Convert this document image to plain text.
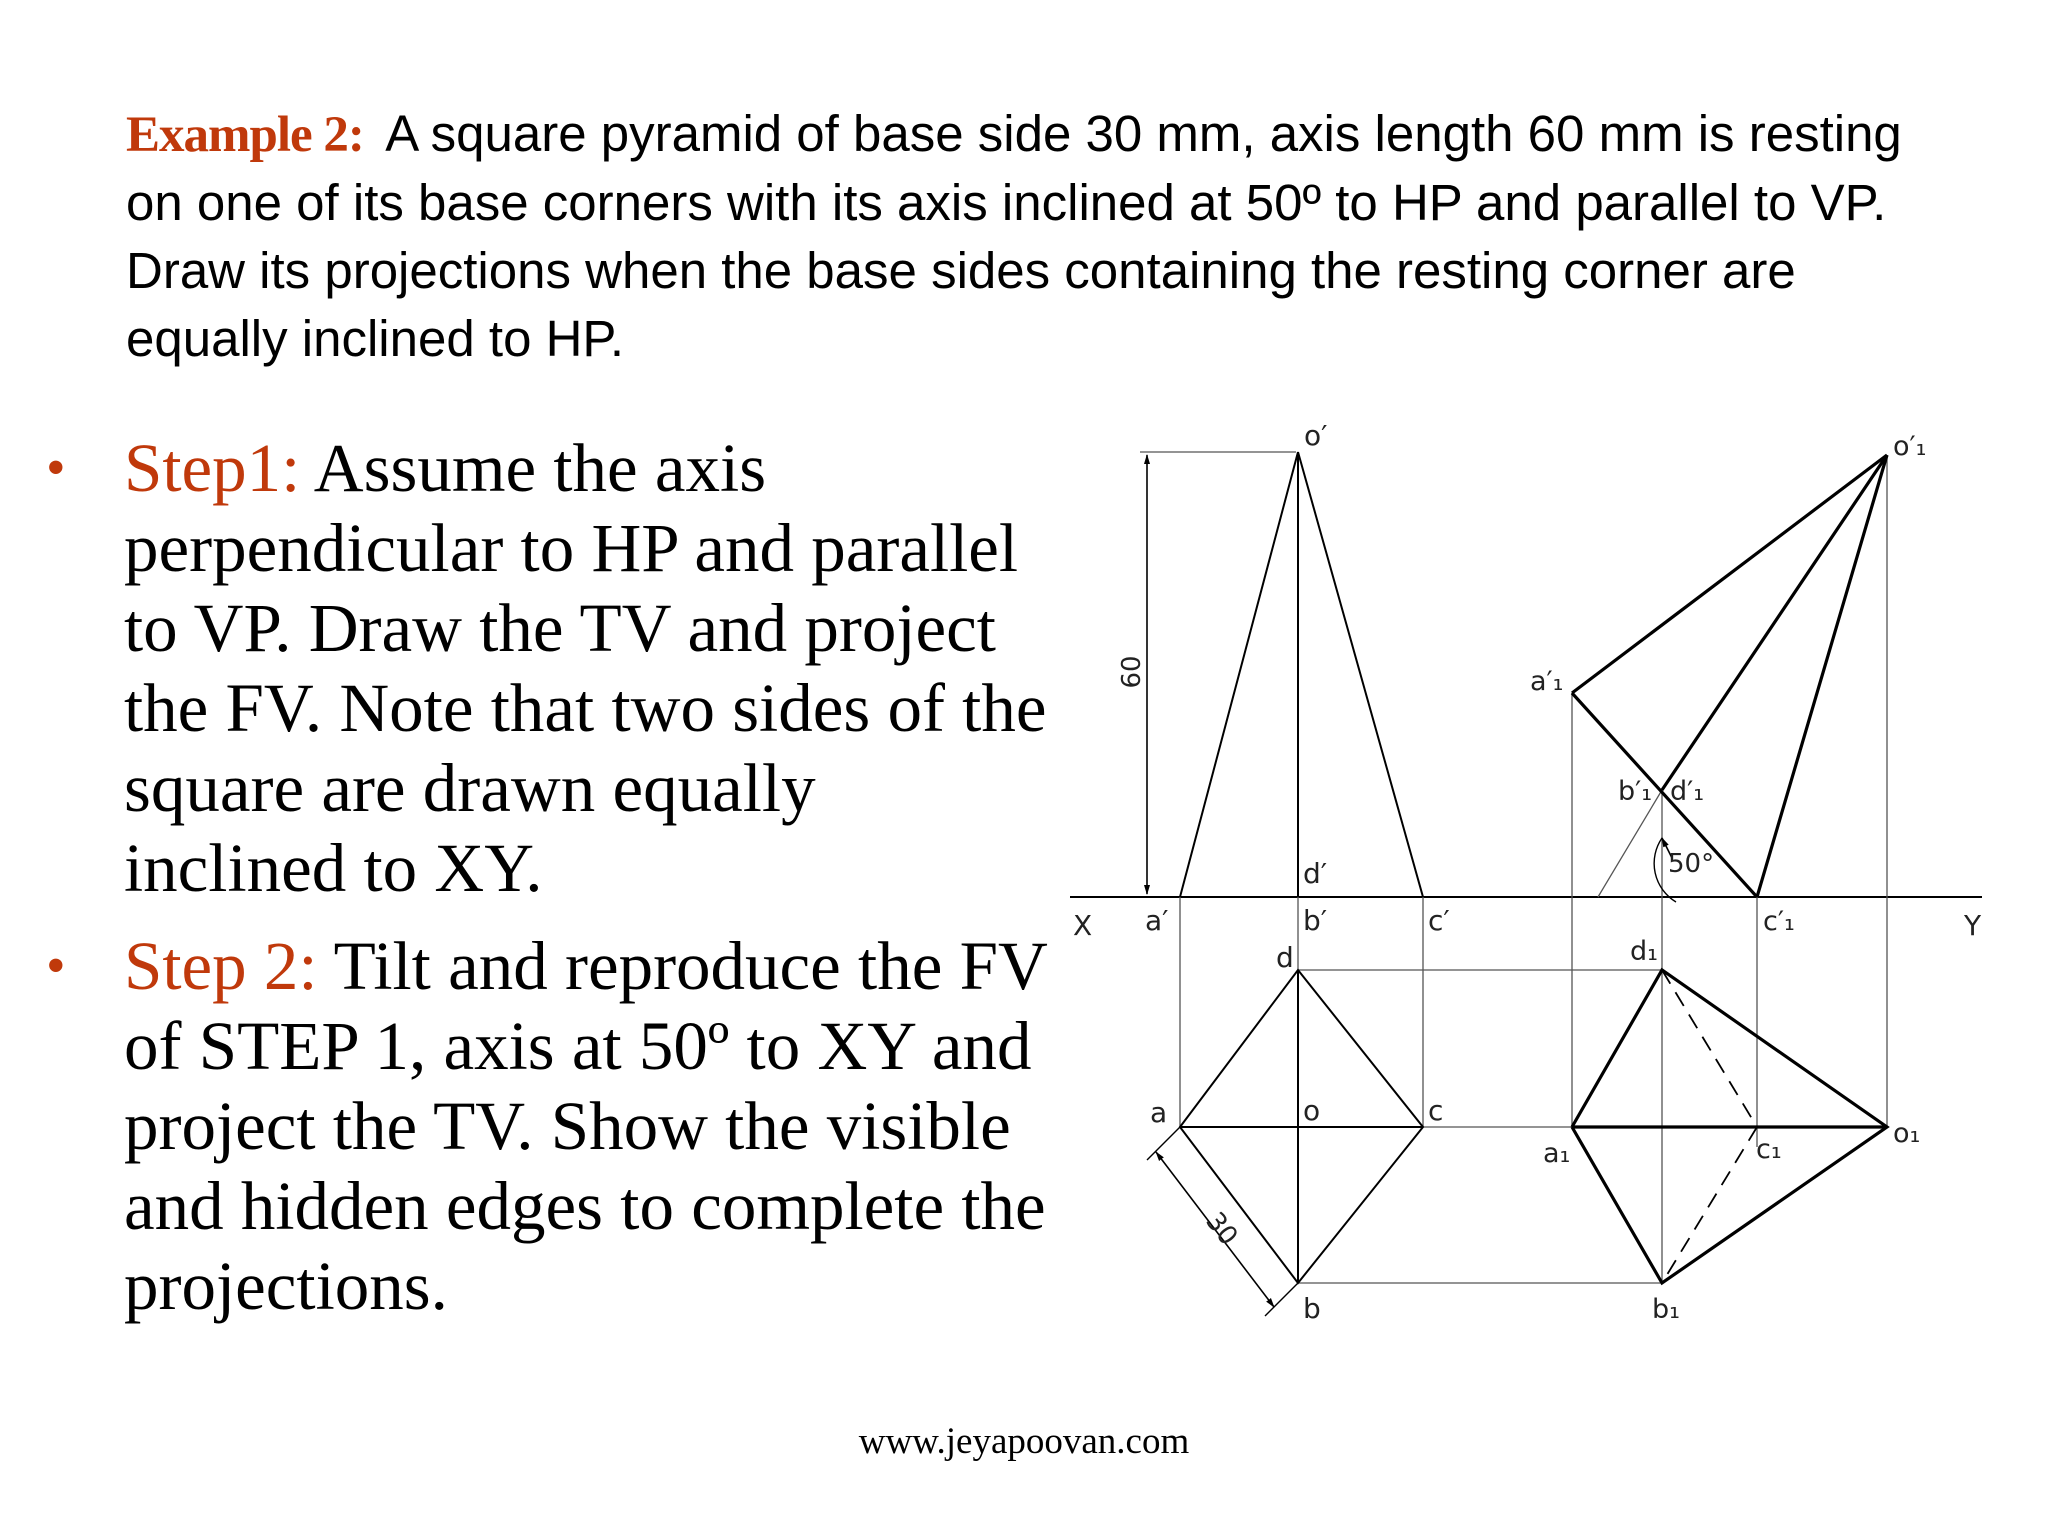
Example 2: A square pyramid of base side 30 mm, axis length 60 mm is resting on one of its base corners with its axis inclined at 50º to HP and parallel to VP. Draw its projections when the base sides containing the resting corner are equally inclined to HP.
• Step1: Assume the axis perpendicular to HP and parallel to VP. Draw the TV and project the FV. Note that two sides of the square are drawn equally inclined to XY.
• Step 2: Tilt and reproduce the FV of STEP 1, axis at 50º to XY and project the TV. Show the visible and hidden edges to complete the projections.
X	Y
60
30
50°
o′
a′
d′
b′	c′
d
a	o	c
b
o′₁
a′₁
b′₁ d′₁
c′₁
d₁
a₁	c₁
o₁
b₁
www.jeyapoovan.com
